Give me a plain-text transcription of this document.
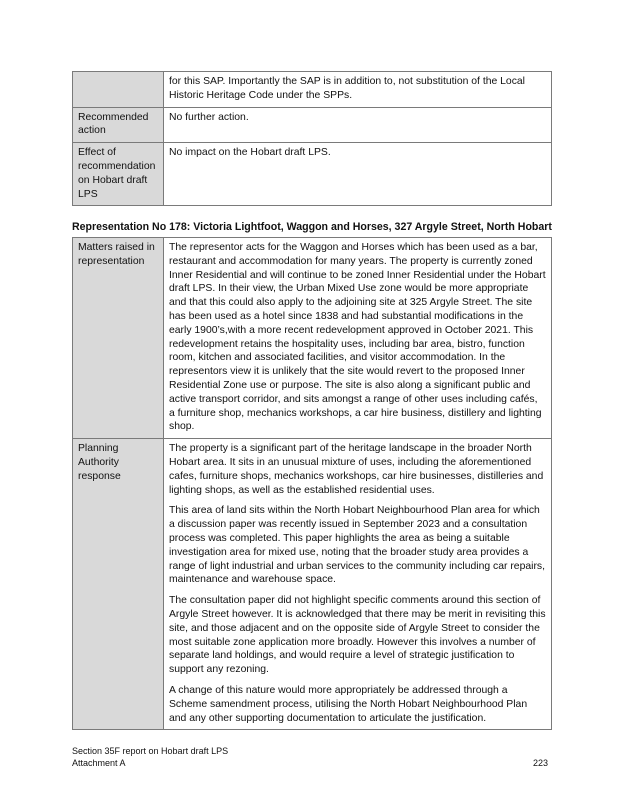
	for this SAP. Importantly the SAP is in addition to, not substitution of the Local Historic Heritage Code under the SPPs.
Recommended action	No further action.
Effect of recommendation on Hobart draft LPS	No impact on the Hobart draft LPS.
Representation No 178: Victoria Lightfoot, Waggon and Horses, 327 Argyle Street, North Hobart
Matters raised in representation	The representor acts for the Waggon and Horses which has been used as a bar, restaurant and accommodation for many years. The property is currently zoned Inner Residential and will continue to be zoned Inner Residential under the Hobart draft LPS. In their view, the Urban Mixed Use zone would be more appropriate and that this could also apply to the adjoining site at 325 Argyle Street. The site has been used as a hotel since 1838 and had substantial modifications in the early 1900’s,with a more recent redevelopment approved in October 2021. This redevelopment retains the hospitality uses, including bar area, bistro, function room, kitchen and associated facilities, and visitor accommodation. In the representors view it is unlikely that the site would revert to the proposed Inner Residential Zone use or purpose. The site is also along a significant public and active transport corridor, and sits amongst a range of other uses including cafés, a furniture shop, mechanics workshops, a car hire business, distillery and lighting shop.
Planning Authority response	The property is a significant part of the heritage landscape in the broader North Hobart area. It sits in an unusual mixture of uses, including the aforementioned cafes, furniture shops, mechanics workshops, car hire businesses, distilleries and lighting shops, as well as the established residential uses.

This area of land sits within the North Hobart Neighbourhood Plan area for which a discussion paper was recently issued in September 2023 and a consultation process was completed. This paper highlights the area as being a suitable investigation area for mixed use, noting that the broader study area provides a range of light industrial and urban services to the community including car repairs, maintenance and warehouse space.

The consultation paper did not highlight specific comments around this section of Argyle Street however. It is acknowledged that there may be merit in revisiting this site, and those adjacent and on the opposite side of Argyle Street to consider the most suitable zone application more broadly. However this involves a number of separate land holdings, and would require a level of strategic justification to support any rezoning.

A change of this nature would more appropriately be addressed through a Scheme samendment process, utilising the North Hobart Neighbourhood Plan and any other supporting documentation to articulate the justification.

Section 35F report on Hobart draft LPS
Attachment A	223
